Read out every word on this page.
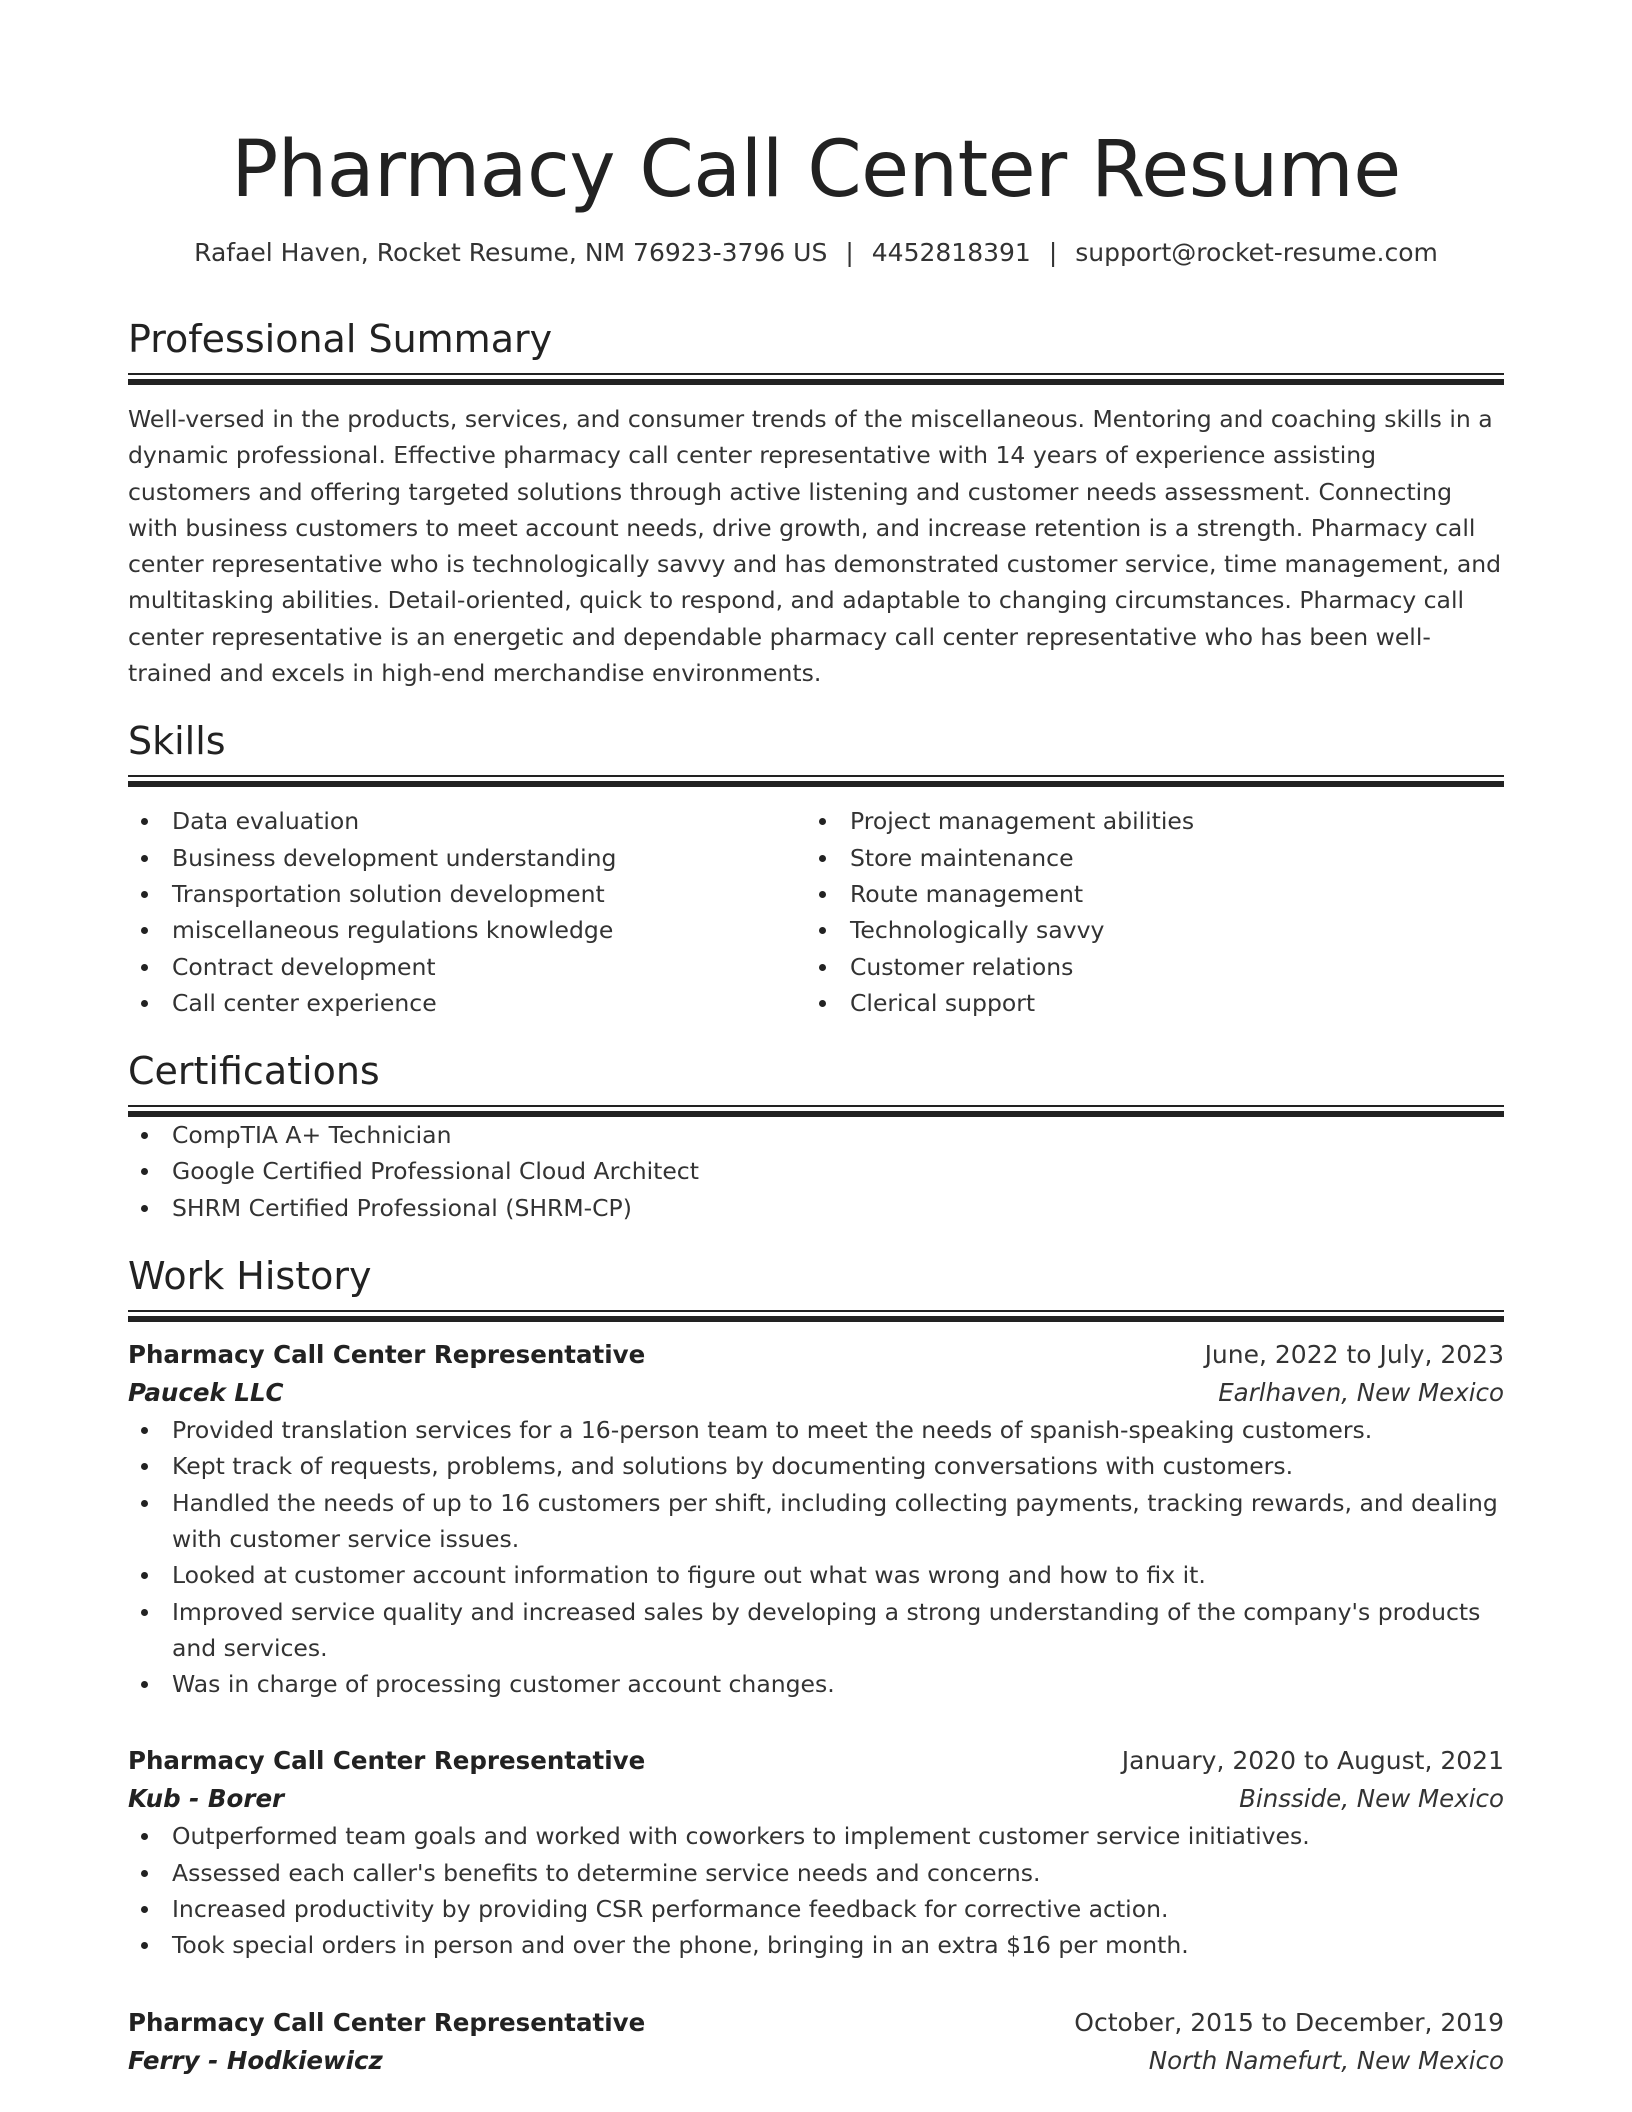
Pharmacy Call Center Resume
Rafael Haven, Rocket Resume, NM 76923-3796 US | 4452818391 | support@rocket-resume.com
Professional Summary

Well-versed in the products, services, and consumer trends of the miscellaneous. Mentoring and coaching skills in a dynamic professional. Effective pharmacy call center representative with 14 years of experience assisting customers and offering targeted solutions through active listening and customer needs assessment. Connecting with business customers to meet account needs, drive growth, and increase retention is a strength. Pharmacy call center representative who is technologically savvy and has demonstrated customer service, time management, and multitasking abilities. Detail-oriented, quick to respond, and adaptable to changing circumstances. Pharmacy call center representative is an energetic and dependable pharmacy call center representative who has been well-trained and excels in high-end merchandise environments.

Skills
Data evaluation
Business development understanding
Transportation solution development
miscellaneous regulations knowledge
Contract development
Call center experience
Project management abilities
Store maintenance
Route management
Technologically savvy
Customer relations
Clerical support
Certifications
CompTIA A+ Technician
Google Certified Professional Cloud Architect
SHRM Certified Professional (SHRM-CP)
Work History
Pharmacy Call Center Representative	June, 2022 to July, 2023
Paucek LLC	Earlhaven, New Mexico
Provided translation services for a 16-person team to meet the needs of spanish-speaking customers.
Kept track of requests, problems, and solutions by documenting conversations with customers.
Handled the needs of up to 16 customers per shift, including collecting payments, tracking rewards, and dealing with customer service issues.
Looked at customer account information to figure out what was wrong and how to fix it.
Improved service quality and increased sales by developing a strong understanding of the company's products and services.
Was in charge of processing customer account changes.
Pharmacy Call Center Representative	January, 2020 to August, 2021
Kub - Borer	Binsside, New Mexico
Outperformed team goals and worked with coworkers to implement customer service initiatives.
Assessed each caller's benefits to determine service needs and concerns.
Increased productivity by providing CSR performance feedback for corrective action.
Took special orders in person and over the phone, bringing in an extra $16 per month.
Pharmacy Call Center Representative	October, 2015 to December, 2019
Ferry - Hodkiewicz	North Namefurt, New Mexico
